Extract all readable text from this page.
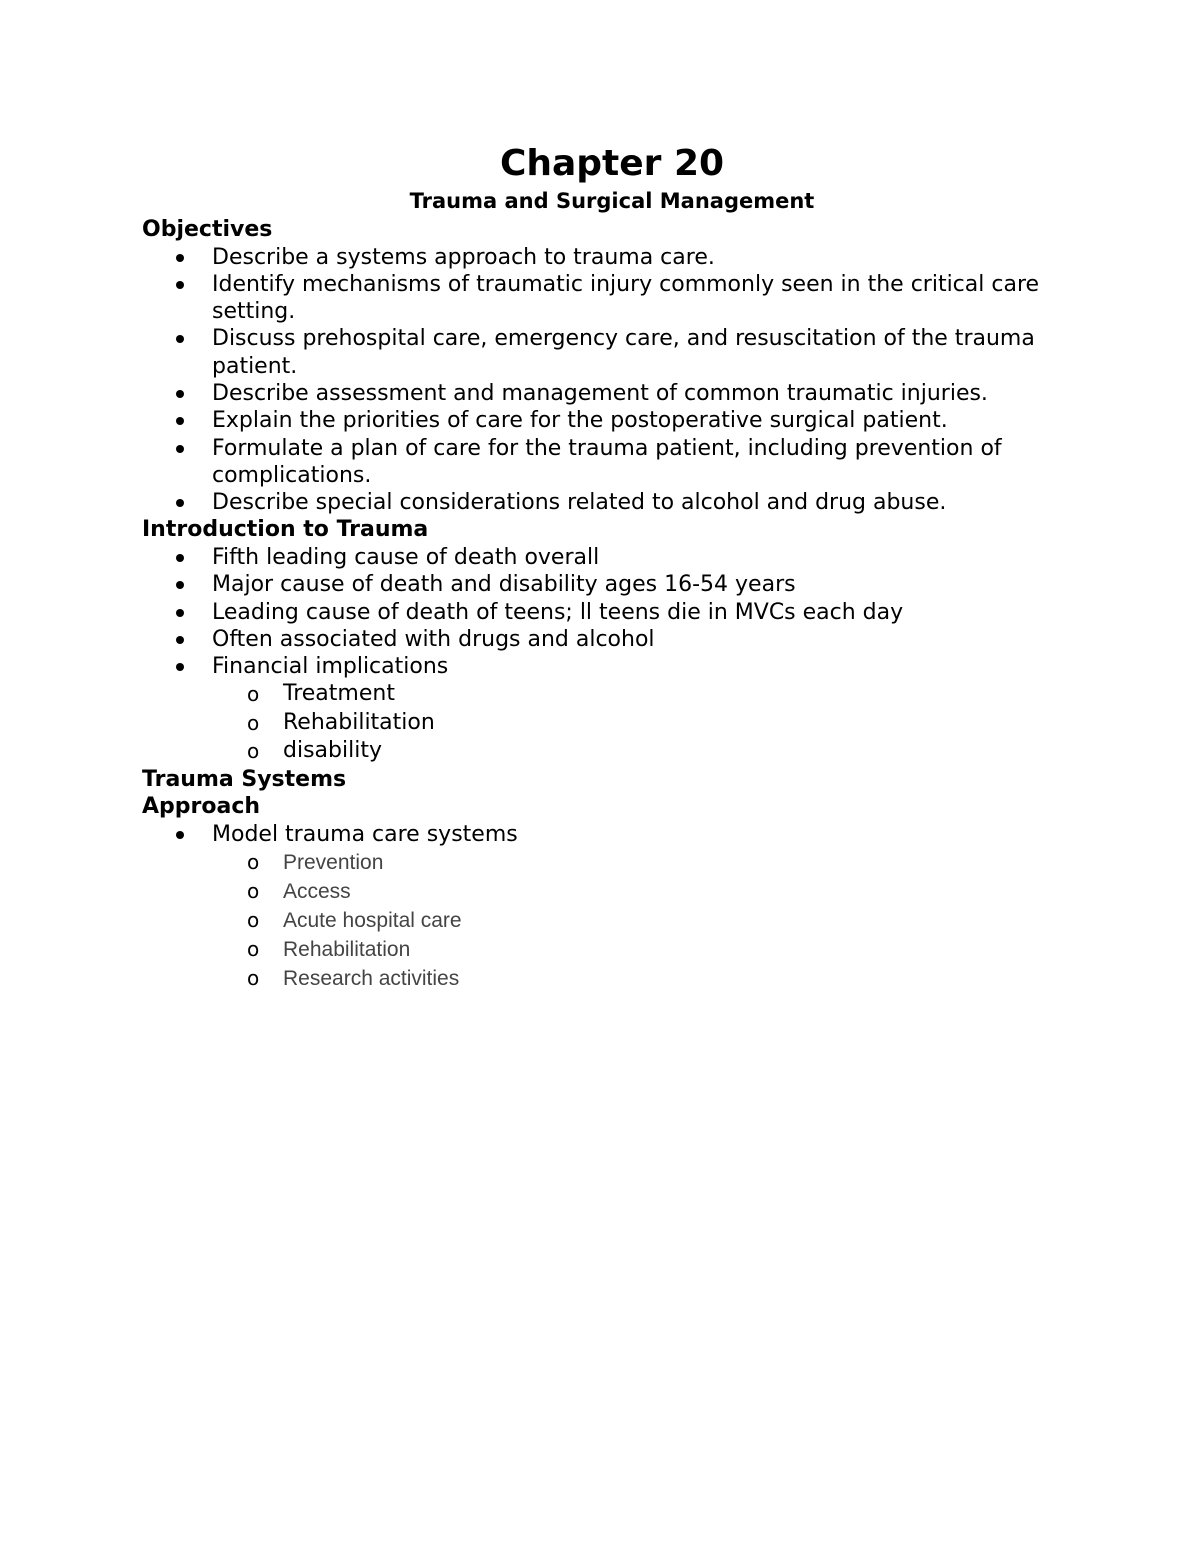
Chapter 20
Trauma and Surgical Management
Objectives
Describe a systems approach to trauma care.
Identify mechanisms of traumatic injury commonly seen in the critical care setting.
Discuss prehospital care, emergency care, and resuscitation of the trauma patient.
Describe assessment and management of common traumatic injuries.
Explain the priorities of care for the postoperative surgical patient.
Formulate a plan of care for the trauma patient, including prevention of complications.
Describe special considerations related to alcohol and drug abuse.
Introduction to Trauma
Fifth leading cause of death overall
Major cause of death and disability ages 16-54 years
Leading cause of death of teens; ll teens die in MVCs each day
Often associated with drugs and alcohol
Financial implications
o Treatment
o Rehabilitation
o disability
Trauma Systems
Approach
Model trauma care systems
o Prevention
o Access
o Acute hospital care
o Rehabilitation
o Research activities
